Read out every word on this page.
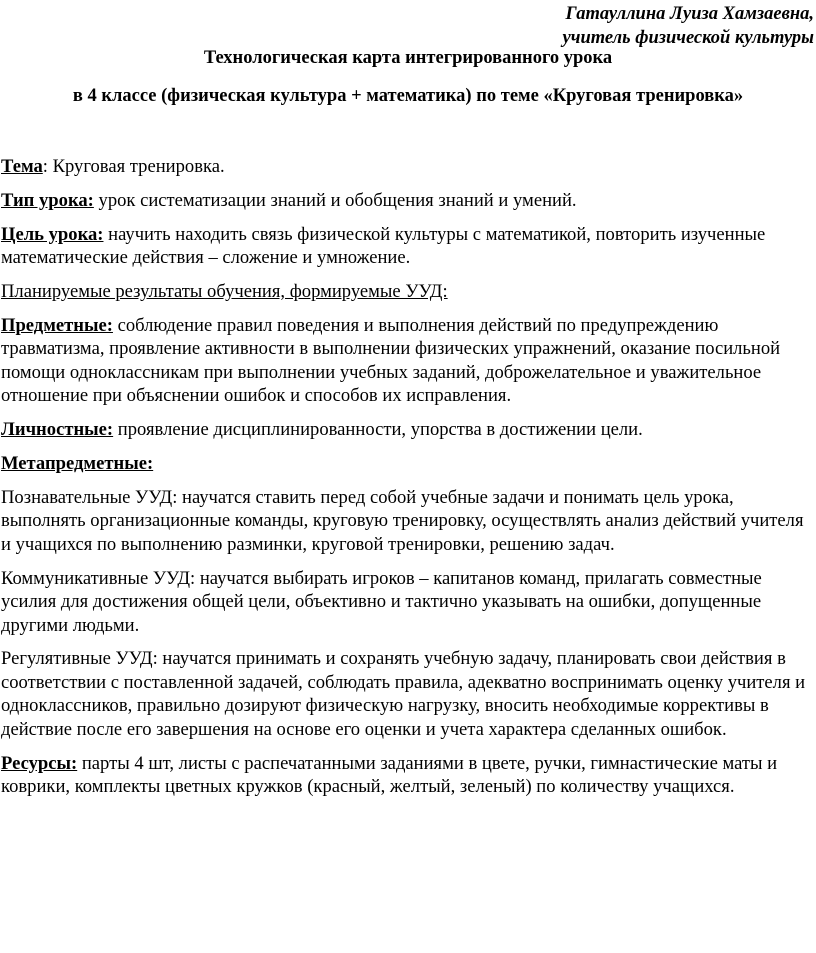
Гатауллина Луиза Хамзаевна,
учитель физической культуры
Технологическая карта интегрированного урока
в 4 классе (физическая культура + математика) по теме «Круговая тренировка»

Тема: Круговая тренировка.

Тип урока: урок систематизации знаний и обобщения знаний и умений.

Цель урока: научить находить связь физической культуры с математикой, повторить изученные математические действия – сложение и умножение.

Планируемые результаты обучения, формируемые УУД:

Предметные: соблюдение правил поведения и выполнения действий по предупреждению травматизма, проявление активности в выполнении физических упражнений, оказание посильной помощи одноклассникам при выполнении учебных заданий, доброжелательное и уважительное отношение при объяснении ошибок и способов их исправления.

Личностные: проявление дисциплинированности, упорства в достижении цели.

Метапредметные:

Познавательные УУД: научатся ставить перед собой учебные задачи и понимать цель урока, выполнять организационные команды, круговую тренировку, осуществлять анализ действий учителя и учащихся по выполнению разминки, круговой тренировки, решению задач.

Коммуникативные УУД: научатся выбирать игроков – капитанов команд, прилагать совместные усилия для достижения общей цели, объективно и тактично указывать на ошибки, допущенные другими людьми.

Регулятивные УУД: научатся принимать и сохранять учебную задачу, планировать свои действия в соответствии с поставленной задачей, соблюдать правила, адекватно воспринимать оценку учителя и одноклассников, правильно дозируют физическую нагрузку, вносить необходимые коррективы в действие после его завершения на основе его оценки и учета характера сделанных ошибок.

Ресурсы: парты 4 шт, листы с распечатанными заданиями в цвете, ручки, гимнастические маты и коврики, комплекты цветных кружков (красный, желтый, зеленый) по количеству учащихся.
